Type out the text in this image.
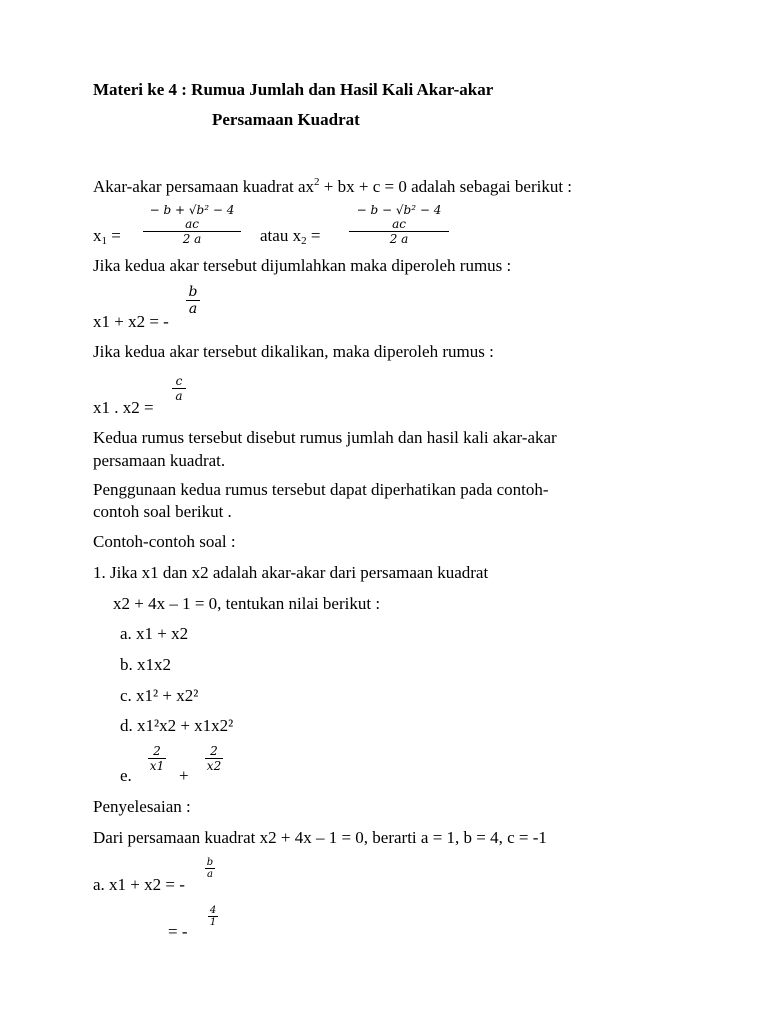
Materi ke 4 : Rumua Jumlah dan Hasil Kali Akar-akar
Persamaan Kuadrat
Akar-akar persamaan kuadrat $ax^2$ + bx + c = 0 adalah sebagai berikut :
$x_1$ =
− b + √b² − 4 ac
2 a	atau $x_2$ =
− b − √b² − 4 ac
2 a
Jika kedua akar tersebut dijumlahkan maka diperoleh rumus :
x1 + x2 = -
b
a
Jika kedua akar tersebut dikalikan, maka diperoleh rumus :
x1 . x2 =
c
a
Kedua rumus tersebut disebut rumus jumlah dan hasil kali akar-akar
persamaan kuadrat.
Penggunaan kedua rumus tersebut dapat diperhatikan pada contoh-
contoh soal berikut .
Contoh-contoh soal :
1. Jika x1 dan x2 adalah akar-akar dari persamaan kuadrat
x2 + 4x – 1 = 0, tentukan nilai berikut :
a. x1 + x2
b. x1x2
c. x1² + x2²
d. x1²x2 + x1x2²
e.
2
x1 +
2
x2
Penyelesaian :
Dari persamaan kuadrat x2 + 4x – 1 = 0, berarti a = 1, b = 4, c = -1
a. x1 + x2 = -
b
a
= -
4
1
